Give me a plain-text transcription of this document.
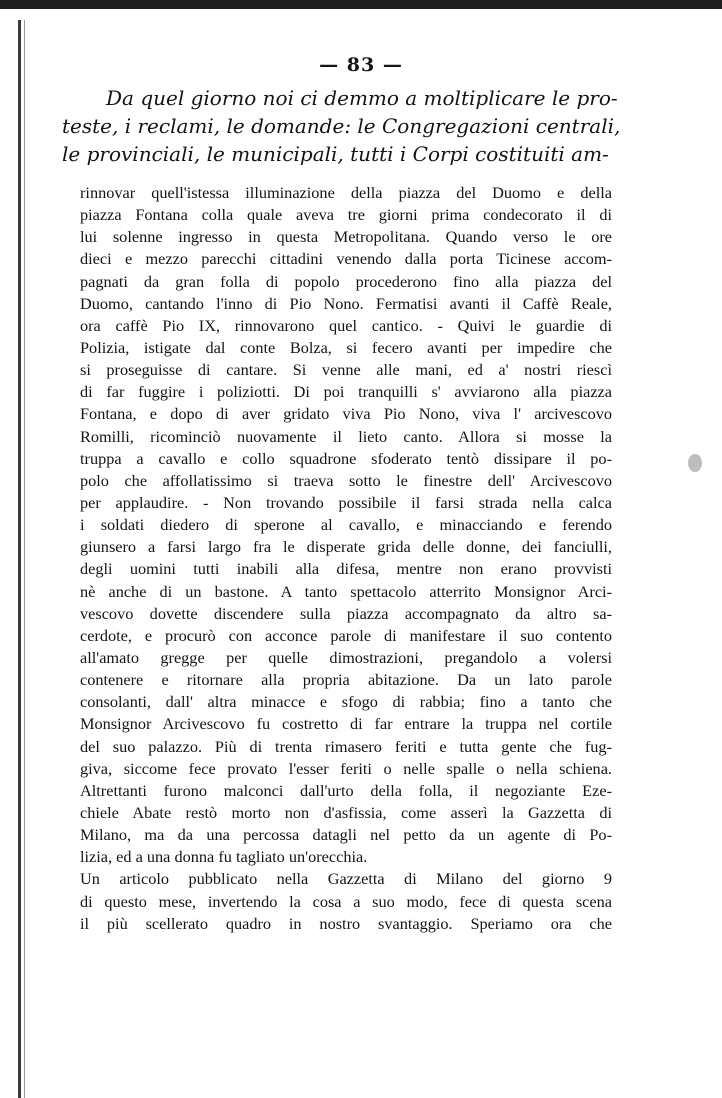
— 83 —
Da quel giorno noi ci demmo a moltiplicare le pro-
teste, i reclami, le domande: le Congregazioni centrali,
le provinciali, le municipali, tutti i Corpi costituiti am-
rinnovar quell'istessa illuminazione della piazza del Duomo e della
piazza Fontana colla quale aveva tre giorni prima condecorato il di
lui solenne ingresso in questa Metropolitana. Quando verso le ore
dieci e mezzo parecchi cittadini venendo dalla porta Ticinese accom-
pagnati da gran folla di popolo procederono fino alla piazza del
Duomo, cantando l'inno di Pio Nono. Fermatisi avanti il Caffè Reale,
ora caffè Pio IX, rinnovarono quel cantico. - Quivi le guardie di
Polizia, istigate dal conte Bolza, si fecero avanti per impedire che
si proseguisse di cantare. Si venne alle mani, ed a' nostri riescì
di far fuggire i poliziotti. Di poi tranquilli s' avviarono alla piazza
Fontana, e dopo di aver gridato viva Pio Nono, viva l' arcivescovo
Romilli, ricominciò nuovamente il lieto canto. Allora si mosse la
truppa a cavallo e collo squadrone sfoderato tentò dissipare il po-
polo che affollatissimo si traeva sotto le finestre dell' Arcivescovo
per applaudire. - Non trovando possibile il farsi strada nella calca
i soldati diedero di sperone al cavallo, e minacciando e ferendo
giunsero a farsi largo fra le disperate grida delle donne, dei fanciulli,
degli uomini tutti inabili alla difesa, mentre non erano provvisti
nè anche di un bastone. A tanto spettacolo atterrito Monsignor Arci-
vescovo dovette discendere sulla piazza accompagnato da altro sa-
cerdote, e procurò con acconce parole di manifestare il suo contento
all'amato gregge per quelle dimostrazioni, pregandolo a volersi
contenere e ritornare alla propria abitazione. Da un lato parole
consolanti, dall' altra minacce e sfogo di rabbia; fino a tanto che
Monsignor Arcivescovo fu costretto di far entrare la truppa nel cortile
del suo palazzo. Più di trenta rimasero feriti e tutta gente che fug-
giva, siccome fece provato l'esser feriti o nelle spalle o nella schiena.
Altrettanti furono malconci dall'urto della folla, il negoziante Eze-
chiele Abate restò morto non d'asfissia, come asserì la Gazzetta di
Milano, ma da una percossa datagli nel petto da un agente di Po-
lizia, ed a una donna fu tagliato un'orecchia.
Un articolo pubblicato nella Gazzetta di Milano del giorno 9
di questo mese, invertendo la cosa a suo modo, fece di questa scena
il più scellerato quadro in nostro svantaggio. Speriamo ora che
